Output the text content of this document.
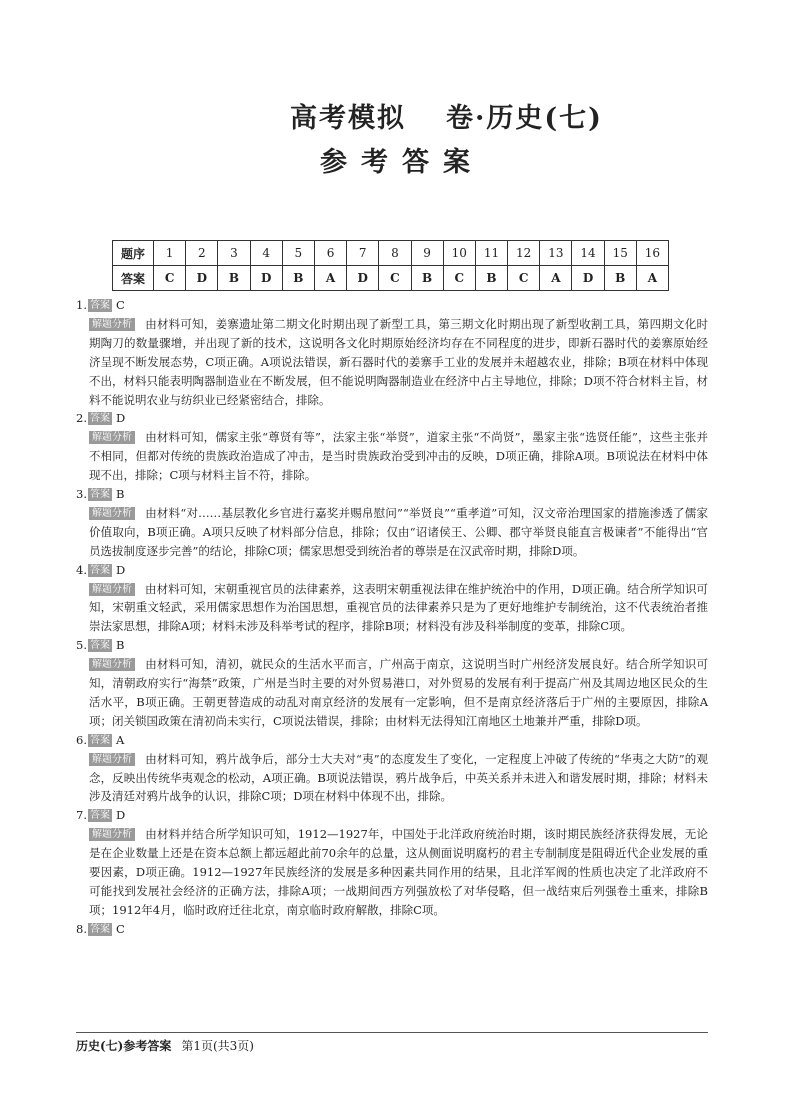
高考模拟 卷·历史(七)
参考答案
题序	1	2	3	4	5	6	7	8	9	10	11	12	13	14	15	16
答案	C	D	B	D	B	A	D	C	B	C	B	C	A	D	B	A
1. 答案 C
解题分析 由材料可知，姜寨遗址第二期文化时期出现了新型工具，第三期文化时期出现了新型收割工具，第四期文化时期陶刀的数量骤增，并出现了新的技术，这说明各文化时期原始经济均存在不同程度的进步，即新石器时代的姜寨原始经济呈现不断发展态势，C项正确。A项说法错误，新石器时代的姜寨手工业的发展并未超越农业，排除；B项在材料中体现不出，材料只能表明陶器制造业在不断发展，但不能说明陶器制造业在经济中占主导地位，排除；D项不符合材料主旨，材料不能说明农业与纺织业已经紧密结合，排除。
2. 答案 D
解题分析 由材料可知，儒家主张“尊贤有等”，法家主张“举贤”，道家主张“不尚贤”，墨家主张“选贤任能”，这些主张并不相同，但都对传统的贵族政治造成了冲击，是当时贵族政治受到冲击的反映，D项正确，排除A项。B项说法在材料中体现不出，排除；C项与材料主旨不符，排除。
3. 答案 B
解题分析 由材料“对……基层教化乡官进行嘉奖并赐帛慰问”“举贤良”“重孝道”可知，汉文帝治理国家的措施渗透了儒家价值取向，B项正确。A项只反映了材料部分信息，排除；仅由“诏诸侯王、公卿、郡守举贤良能直言极谏者”不能得出“官员选拔制度逐步完善”的结论，排除C项；儒家思想受到统治者的尊崇是在汉武帝时期，排除D项。
4. 答案 D
解题分析 由材料可知，宋朝重视官员的法律素养，这表明宋朝重视法律在维护统治中的作用，D项正确。结合所学知识可知，宋朝重文轻武，采用儒家思想作为治国思想，重视官员的法律素养只是为了更好地维护专制统治，这不代表统治者推崇法家思想，排除A项；材料未涉及科举考试的程序，排除B项；材料没有涉及科举制度的变革，排除C项。
5. 答案 B
解题分析 由材料可知，清初，就民众的生活水平而言，广州高于南京，这说明当时广州经济发展良好。结合所学知识可知，清朝政府实行“海禁”政策，广州是当时主要的对外贸易港口，对外贸易的发展有利于提高广州及其周边地区民众的生活水平，B项正确。王朝更替造成的动乱对南京经济的发展有一定影响，但不是南京经济落后于广州的主要原因，排除A项；闭关锁国政策在清初尚未实行，C项说法错误，排除；由材料无法得知江南地区土地兼并严重，排除D项。
6. 答案 A
解题分析 由材料可知，鸦片战争后，部分士大夫对“夷”的态度发生了变化，一定程度上冲破了传统的“华夷之大防”的观念，反映出传统华夷观念的松动，A项正确。B项说法错误，鸦片战争后，中英关系并未进入和谐发展时期，排除；材料未涉及清廷对鸦片战争的认识，排除C项；D项在材料中体现不出，排除。
7. 答案 D
解题分析 由材料并结合所学知识可知，1912—1927年，中国处于北洋政府统治时期，该时期民族经济获得发展，无论是在企业数量上还是在资本总额上都远超此前70余年的总量，这从侧面说明腐朽的君主专制制度是阻碍近代企业发展的重要因素，D项正确。1912—1927年民族经济的发展是多种因素共同作用的结果，且北洋军阀的性质也决定了北洋政府不可能找到发展社会经济的正确方法，排除A项；一战期间西方列强放松了对华侵略，但一战结束后列强卷土重来，排除B项；1912年4月，临时政府迁往北京，南京临时政府解散，排除C项。
8. 答案 C
历史(七)参考答案 第1页(共3页)
